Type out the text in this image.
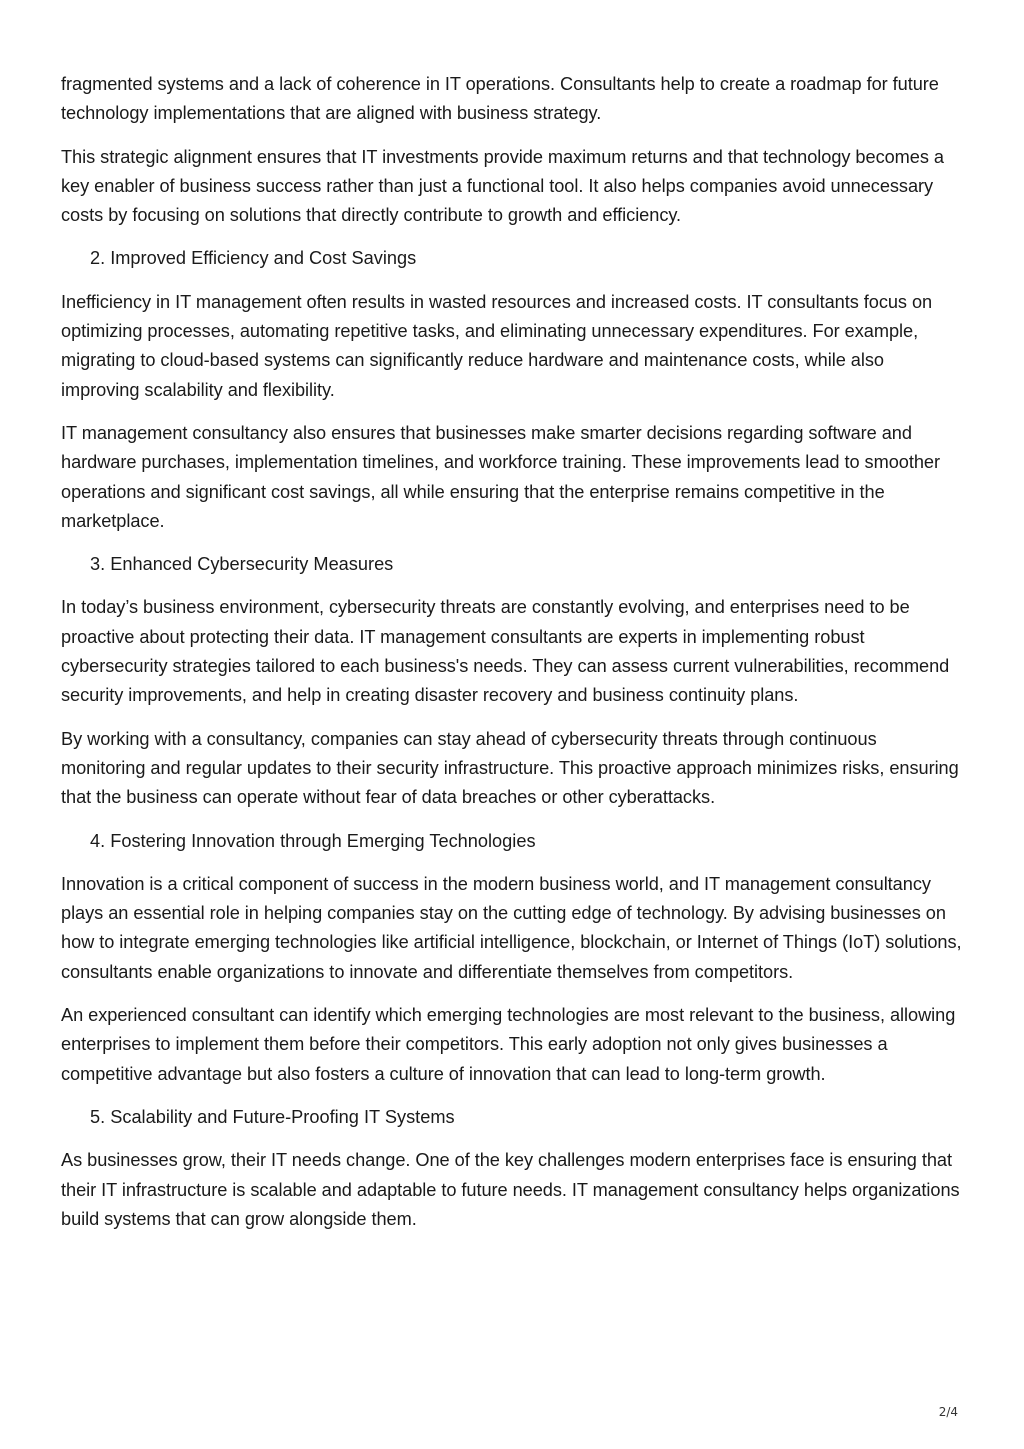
fragmented systems and a lack of coherence in IT operations. Consultants help to create a roadmap for future technology implementations that are aligned with business strategy.

This strategic alignment ensures that IT investments provide maximum returns and that technology becomes a key enabler of business success rather than just a functional tool. It also helps companies avoid unnecessary costs by focusing on solutions that directly contribute to growth and efficiency.

2. Improved Efficiency and Cost Savings

Inefficiency in IT management often results in wasted resources and increased costs. IT consultants focus on optimizing processes, automating repetitive tasks, and eliminating unnecessary expenditures. For example, migrating to cloud-based systems can significantly reduce hardware and maintenance costs, while also improving scalability and flexibility.

IT management consultancy also ensures that businesses make smarter decisions regarding software and hardware purchases, implementation timelines, and workforce training. These improvements lead to smoother operations and significant cost savings, all while ensuring that the enterprise remains competitive in the marketplace.

3. Enhanced Cybersecurity Measures

In today’s business environment, cybersecurity threats are constantly evolving, and enterprises need to be proactive about protecting their data. IT management consultants are experts in implementing robust cybersecurity strategies tailored to each business's needs. They can assess current vulnerabilities, recommend security improvements, and help in creating disaster recovery and business continuity plans.

By working with a consultancy, companies can stay ahead of cybersecurity threats through continuous monitoring and regular updates to their security infrastructure. This proactive approach minimizes risks, ensuring that the business can operate without fear of data breaches or other cyberattacks.

4. Fostering Innovation through Emerging Technologies

Innovation is a critical component of success in the modern business world, and IT management consultancy plays an essential role in helping companies stay on the cutting edge of technology. By advising businesses on how to integrate emerging technologies like artificial intelligence, blockchain, or Internet of Things (IoT) solutions, consultants enable organizations to innovate and differentiate themselves from competitors.

An experienced consultant can identify which emerging technologies are most relevant to the business, allowing enterprises to implement them before their competitors. This early adoption not only gives businesses a competitive advantage but also fosters a culture of innovation that can lead to long-term growth.

5. Scalability and Future-Proofing IT Systems

As businesses grow, their IT needs change. One of the key challenges modern enterprises face is ensuring that their IT infrastructure is scalable and adaptable to future needs. IT management consultancy helps organizations build systems that can grow alongside them.

2/4
